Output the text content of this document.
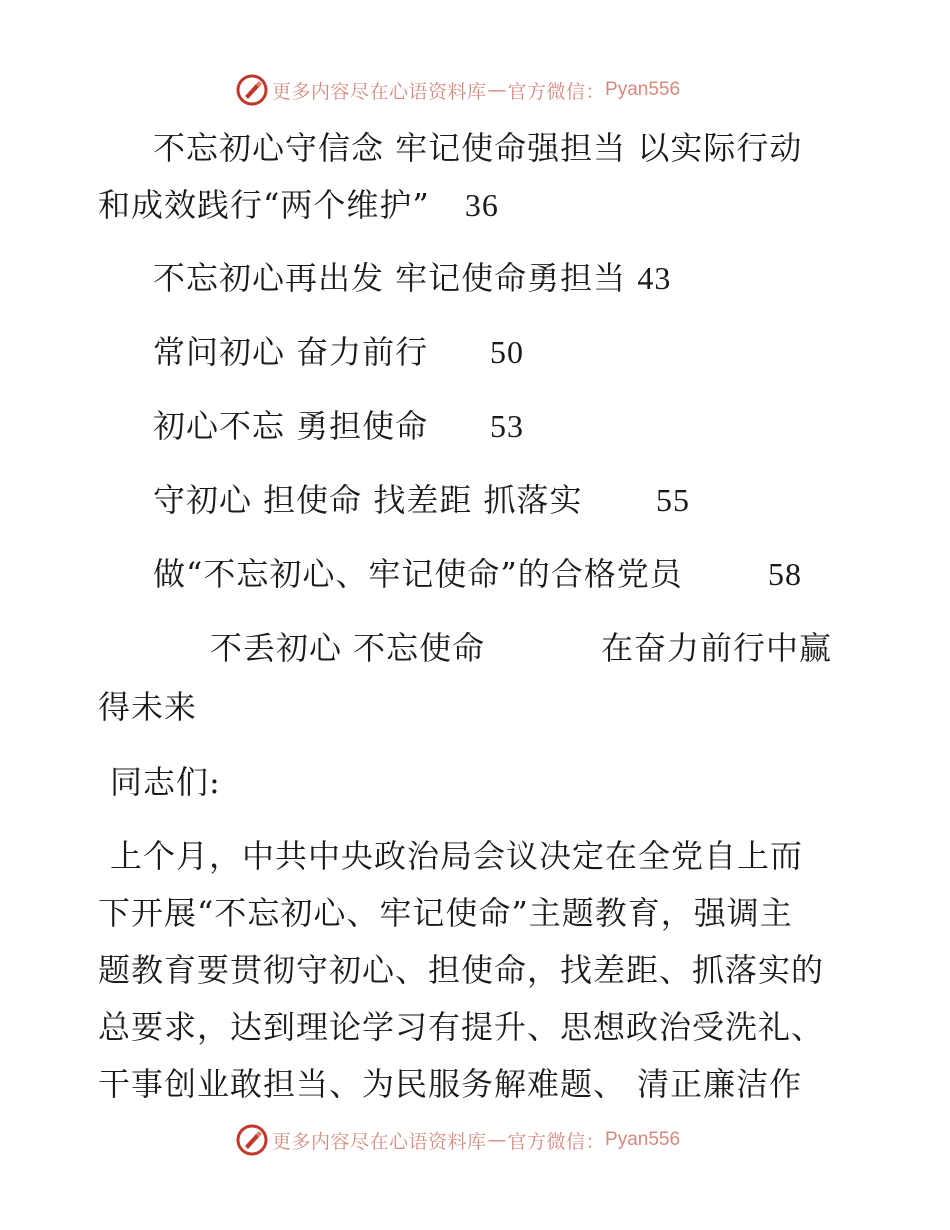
更多内容尽在心语资料库 — 官方微信： Pyan556
不忘初心守信念 牢记使命强担当 以实际行动
和成效践行“两个维护” 36
不忘初心再出发 牢记使命勇担当 43
常问初心 奋力前行 50
初心不忘 勇担使命 53
守初心 担使命 找差距 抓落实 55
做“不忘初心、牢记使命”的合格党员	58
不丢初心 不忘使命	在奋力前行中赢
得未来
同志们:
上个月，中共中央政治局会议决定在全党自上而
下开展“不忘初心、牢记使命”主题教育，强调主
题教育要贯彻守初心、担使命，找差距、抓落实的
总要求，达到理论学习有提升、思想政治受洗礼、
干事创业敢担当、为民服务解难题、 清正廉洁作
更多内容尽在心语资料库 — 官方微信： Pyan556
